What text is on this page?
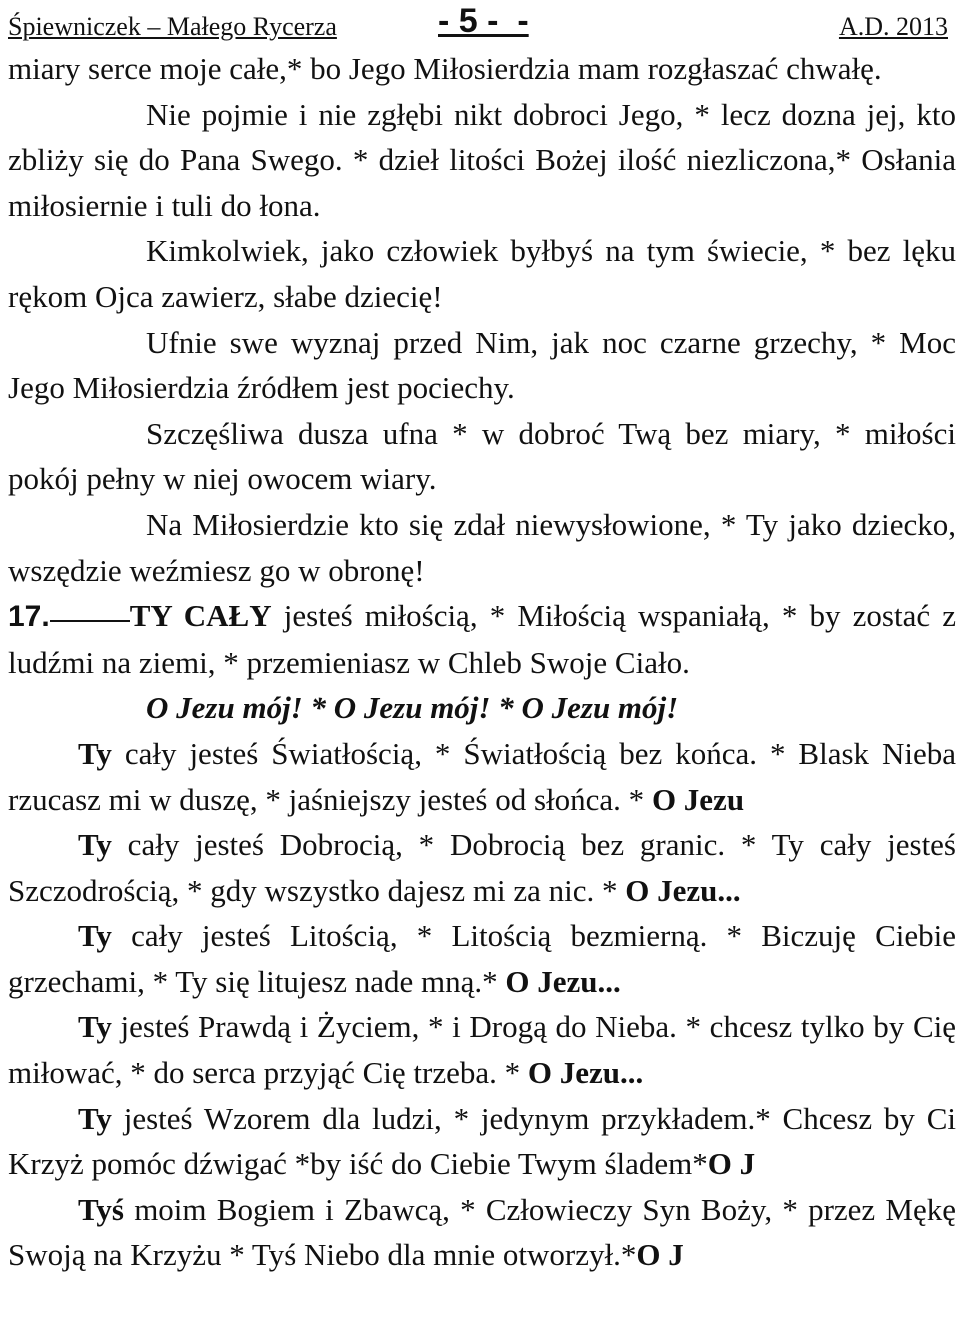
Śpiewniczek – Małego Rycerza	- 5 -  -	A.D. 2013

miary serce moje całe,* bo Jego Miłosierdzia mam rozgłaszać chwałę.

Nie pojmie i nie zgłębi nikt dobroci Jego, * lecz dozna jej, kto zbliży się do Pana Swego. * dzieł litości Bożej ilość niezliczona,* Osłania miłosiernie i tuli do łona.

Kimkolwiek, jako człowiek byłbyś na tym świecie, * bez lęku rękom Ojca zawierz, słabe dziecię!

Ufnie swe wyznaj przed Nim, jak noc czarne grzechy, * Moc Jego Miłosierdzia źródłem jest pociechy.

Szczęśliwa dusza ufna * w dobroć Twą bez miary, * miłości pokój pełny w niej owocem wiary.

Na Miłosierdzie kto się zdał niewysłowione, * Ty jako dziecko, wszędzie weźmiesz go w obronę!

17.	TY CAŁY jesteś miłością, * Miłością wspaniałą, * by zostać z ludźmi na ziemi, * przemieniasz w Chleb Swoje Ciało.

O Jezu mój! * O Jezu mój! * O Jezu mój!

Ty cały jesteś Światłością, * Światłością bez końca. * Blask Nieba rzucasz mi w duszę, * jaśniejszy jesteś od słońca. * O Jezu

Ty cały jesteś Dobrocią, * Dobrocią bez granic. * Ty cały jesteś Szczodrością, * gdy wszystko dajesz mi za nic. * O Jezu...

Ty cały jesteś Litością, * Litością bezmierną. * Biczuję Ciebie grzechami, * Ty się litujesz nade mną.* O Jezu...

Ty jesteś Prawdą i Życiem, * i Drogą do Nieba. * chcesz tylko by Cię miłować, * do serca przyjąć Cię trzeba. * O Jezu...

Ty jesteś Wzorem dla ludzi, * jedynym przykładem.* Chcesz by Ci Krzyż pomóc dźwigać *by iść do Ciebie Twym śladem*O J

Tyś moim Bogiem i Zbawcą, * Człowieczy Syn Boży, * przez Mękę Swoją na Krzyżu * Tyś Niebo dla mnie otworzył.*O J
